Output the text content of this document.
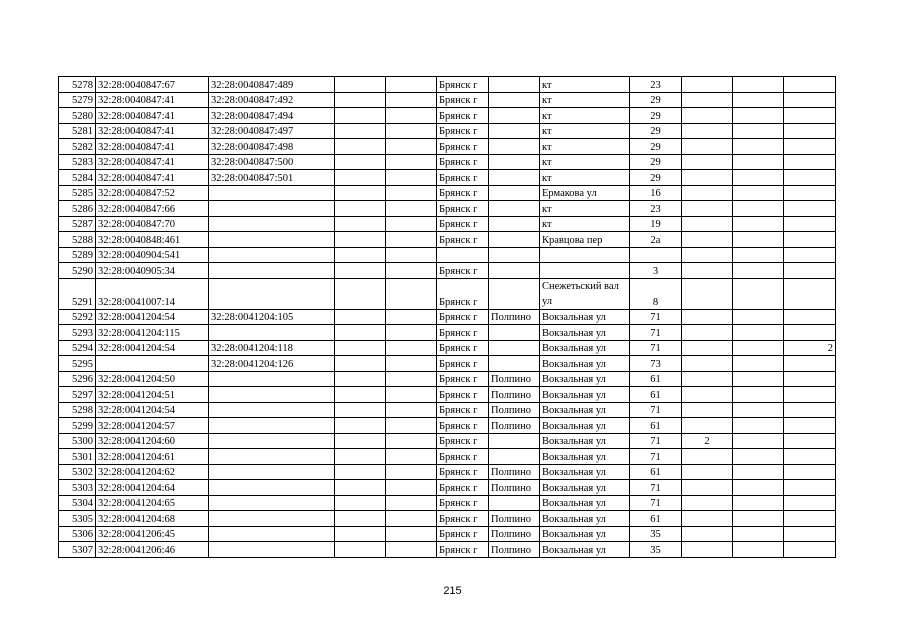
5278	32:28:0040847:67	32:28:0040847:489			Брянск г		кт	23			
5279	32:28:0040847:41	32:28:0040847:492			Брянск г		кт	29			
5280	32:28:0040847:41	32:28:0040847:494			Брянск г		кт	29			
5281	32:28:0040847:41	32:28:0040847:497			Брянск г		кт	29			
5282	32:28:0040847:41	32:28:0040847:498			Брянск г		кт	29			
5283	32:28:0040847:41	32:28:0040847:500			Брянск г		кт	29			
5284	32:28:0040847:41	32:28:0040847:501			Брянск г		кт	29			
5285	32:28:0040847:52				Брянск г		Ермакова ул	16			
5286	32:28:0040847:66				Брянск г		кт	23			
5287	32:28:0040847:70				Брянск г		кт	19			
5288	32:28:0040848:461				Брянск г		Кравцова пер	2а			
5289	32:28:0040904:541										
5290	32:28:0040905:34				Брянск г			3			
5291	32:28:0041007:14				Брянск г		Снежетьский вал ул	8			
5292	32:28:0041204:54	32:28:0041204:105			Брянск г	Полпино	Вокзальная ул	71			
5293	32:28:0041204:115				Брянск г		Вокзальная ул	71			
5294	32:28:0041204:54	32:28:0041204:118			Брянск г		Вокзальная ул	71			2
5295		32:28:0041204:126			Брянск г		Вокзальная ул	73			
5296	32:28:0041204:50				Брянск г	Полпино	Вокзальная ул	61			
5297	32:28:0041204:51				Брянск г	Полпино	Вокзальная ул	61			
5298	32:28:0041204:54				Брянск г	Полпино	Вокзальная ул	71			
5299	32:28:0041204:57				Брянск г	Полпино	Вокзальная ул	61			
5300	32:28:0041204:60				Брянск г		Вокзальная ул	71	2		
5301	32:28:0041204:61				Брянск г		Вокзальная ул	71			
5302	32:28:0041204:62				Брянск г	Полпино	Вокзальная ул	61			
5303	32:28:0041204:64				Брянск г	Полпино	Вокзальная ул	71			
5304	32:28:0041204:65				Брянск г		Вокзальная ул	71			
5305	32:28:0041204:68				Брянск г	Полпино	Вокзальная ул	61			
5306	32:28:0041206:45				Брянск г	Полпино	Вокзальная ул	35			
5307	32:28:0041206:46				Брянск г	Полпино	Вокзальная ул	35			
215
